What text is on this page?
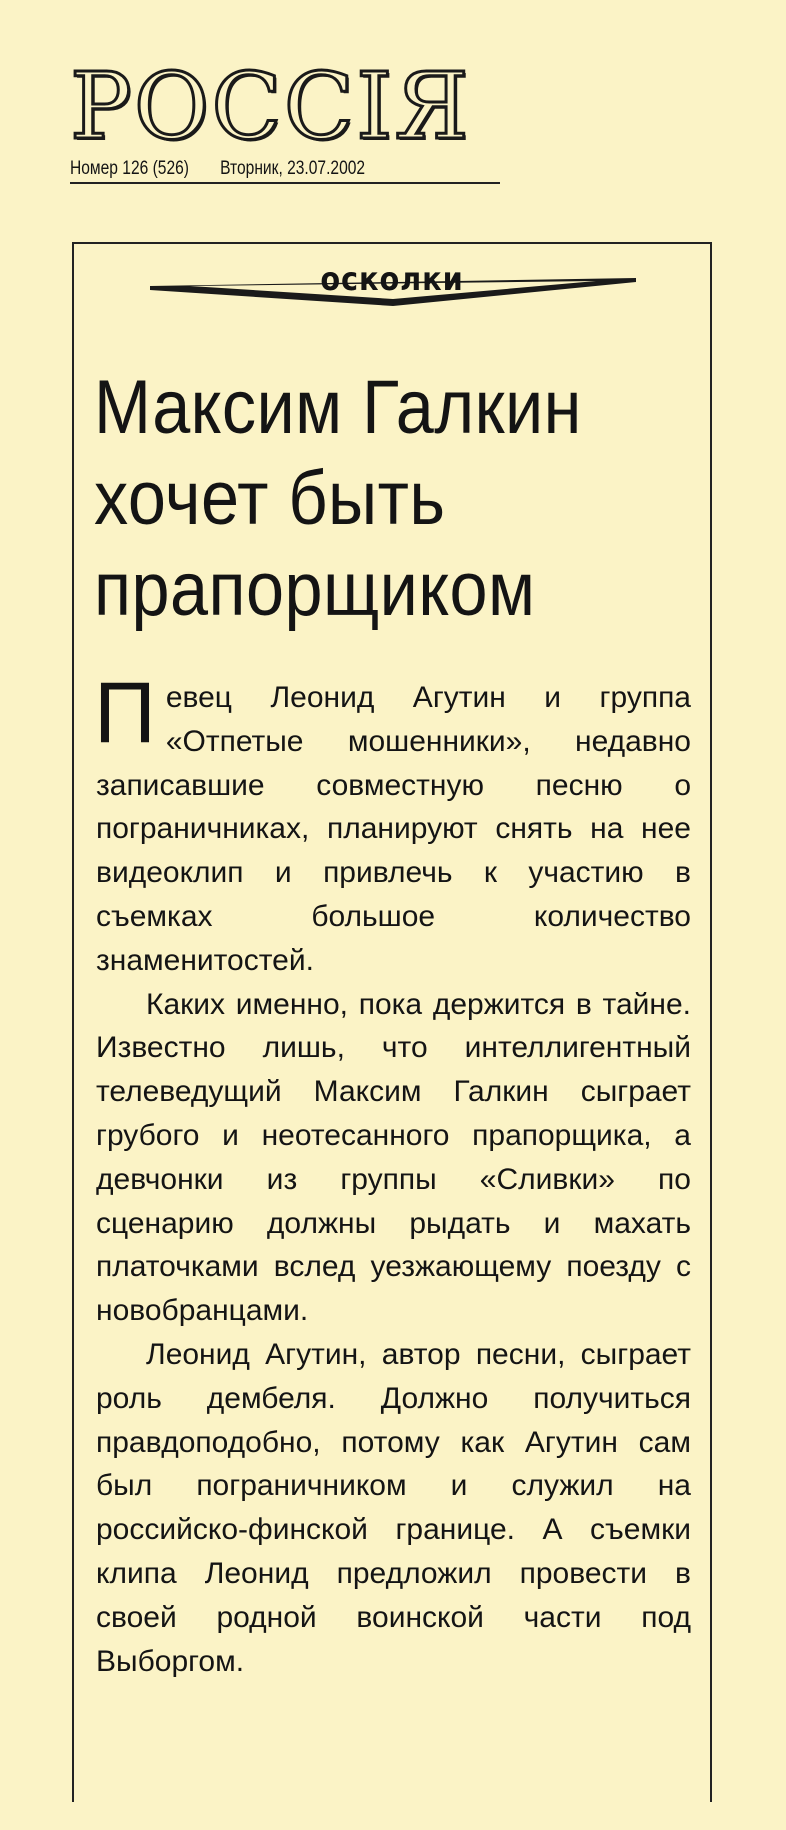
РОССIЯ
Номер 126 (526) Вторник, 23.07.2002
осколки
Максим Галкин
хочет быть
прапорщиком

Певец Леонид Агутин и группа «Отпетые мошенники», недавно записавшие совместную песню о пограничниках, планируют снять на нее видеоклип и привлечь к участию в съемках большое количество знаменитостей.

Каких именно, пока держится в тайне. Известно лишь, что интеллигентный телеведущий Максим Галкин сыграет грубого и неотесанного прапорщика, а девчонки из группы «Сливки» по сценарию должны рыдать и махать платочками вслед уезжающему поезду с новобранцами.

Леонид Агутин, автор песни, сыграет роль дембеля. Должно получиться правдоподобно, потому как Агутин сам был пограничником и служил на российско-финской границе. А съемки клипа Леонид предложил провести в своей родной воинской части под Выборгом.
